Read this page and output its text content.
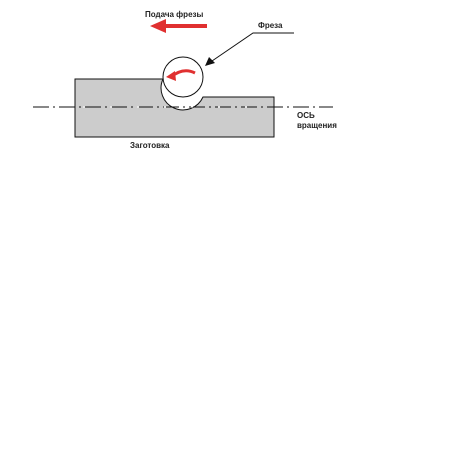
Подача фрезы
Фреза
ОСЬ
вращения
Заготовка
